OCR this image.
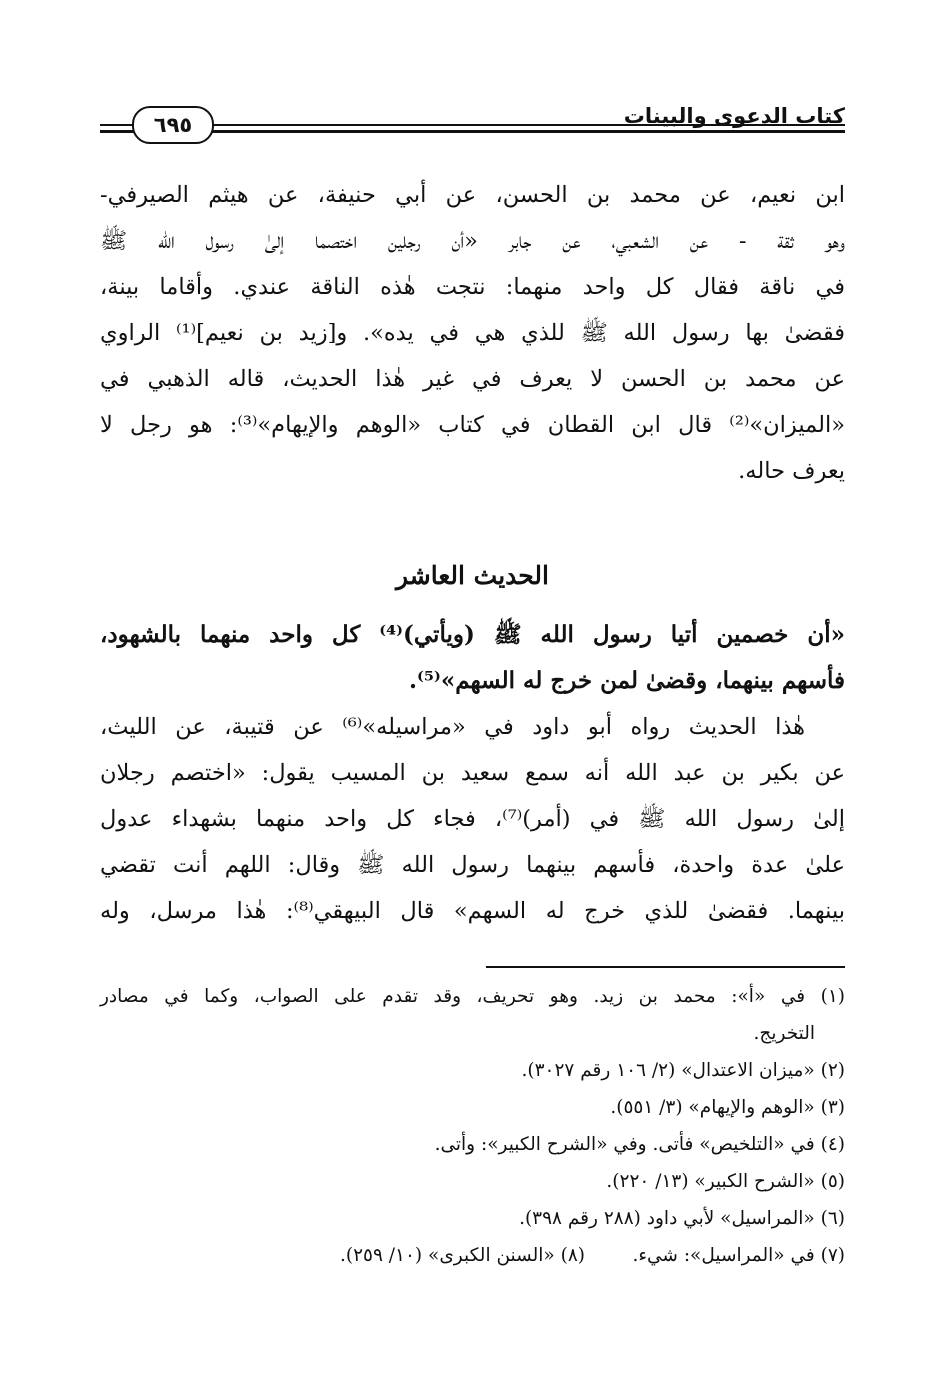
كتاب الدعوى والبينات
٦٩٥
ابن نعيم، عن محمد بن الحسن، عن أبي حنيفة، عن هيثم الصيرفي-
وهو ثقة - عن الشعبي، عن جابر «أن رجلين اختصما إلىٰ رسول الله ﷺ
في ناقة فقال كل واحد منهما: نتجت هٰذه الناقة عندي. وأقاما بينة،
فقضىٰ بها رسول الله ﷺ للذي هي في يده». و[زيد بن نعيم]⁽¹⁾ الراوي
عن محمد بن الحسن لا يعرف في غير هٰذا الحديث، قاله الذهبي في
«الميزان»⁽²⁾ قال ابن القطان في كتاب «الوهم والإيهام»⁽³⁾: هو رجل لا
يعرف حاله.
الحديث العاشر
«أن خصمين أتيا رسول الله ﷺ (ويأتي)⁽⁴⁾ كل واحد منهما بالشهود،
فأسهم بينهما، وقضىٰ لمن خرج له السهم»⁽⁵⁾.
هٰذا الحديث رواه أبو داود في «مراسيله»⁽⁶⁾ عن قتيبة، عن الليث،
عن بكير بن عبد الله أنه سمع سعيد بن المسيب يقول: «اختصم رجلان
إلىٰ رسول الله ﷺ في (أمر)⁽⁷⁾، فجاء كل واحد منهما بشهداء عدول
علىٰ عدة واحدة، فأسهم بينهما رسول الله ﷺ وقال: اللهم أنت تقضي
بينهما. فقضىٰ للذي خرج له السهم» قال البيهقي⁽⁸⁾: هٰذا مرسل، وله
(١) في «أ»: محمد بن زيد. وهو تحريف، وقد تقدم على الصواب، وكما في مصادر
التخريج.
(٢) «ميزان الاعتدال» (٢/ ١٠٦ رقم ٣٠٢٧).
(٣) «الوهم والإيهام» (٣/ ٥٥١).
(٤) في «التلخيص» فأتى. وفي «الشرح الكبير»: وأتى.
(٥) «الشرح الكبير» (١٣/ ٢٢٠).
(٦) «المراسيل» لأبي داود (٢٨٨ رقم ٣٩٨).
(٧) في «المراسيل»: شيء.(٨) «السنن الكبرى» (١٠/ ٢٥٩).
